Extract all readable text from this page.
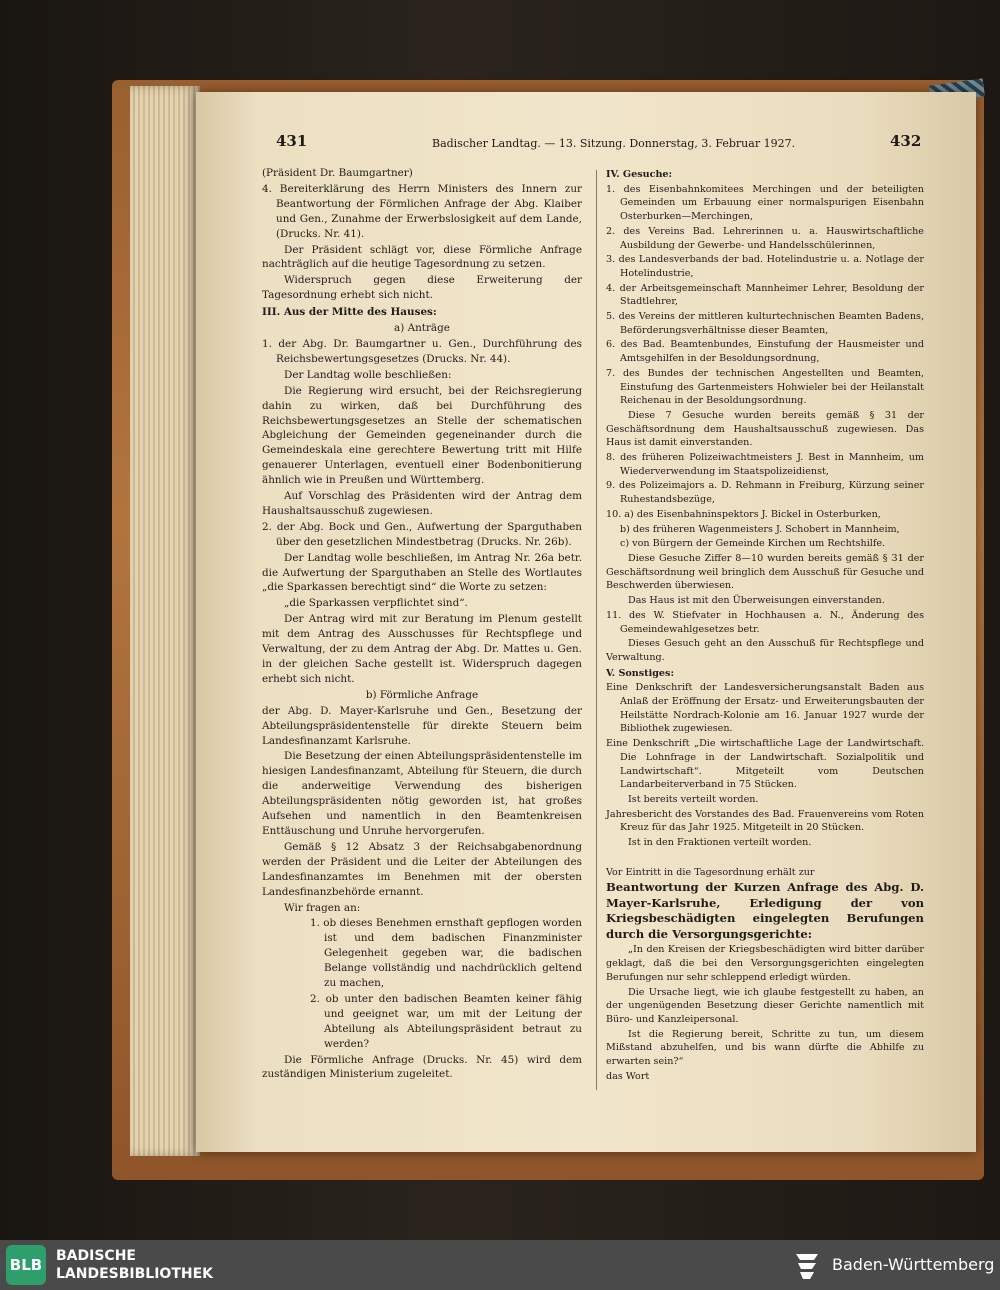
431	Badischer Landtag. — 13. Sitzung. Donnerstag, 3. Februar 1927.	432

(Präsident Dr. Baumgartner)

4. Bereiterklärung des Herrn Ministers des Innern zur Beantwortung der Förmlichen Anfrage der Abg. Klaiber und Gen., Zunahme der Erwerbslosigkeit auf dem Lande, (Drucks. Nr. 41).

Der Präsident schlägt vor, diese Förmliche Anfrage nachträglich auf die heutige Tagesordnung zu setzen.

Widerspruch gegen diese Erweiterung der Tagesordnung erhebt sich nicht.

III. Aus der Mitte des Hauses:

a) Anträge

1. der Abg. Dr. Baumgartner u. Gen., Durchführung des Reichsbewertungsgesetzes (Drucks. Nr. 44).

Der Landtag wolle beschließen:

Die Regierung wird ersucht, bei der Reichsregierung dahin zu wirken, daß bei Durchführung des Reichsbewertungsgesetzes an Stelle der schematischen Abgleichung der Gemeinden gegeneinander durch die Gemeindeskala eine gerechtere Bewertung tritt mit Hilfe genauerer Unterlagen, eventuell einer Bodenbonitierung ähnlich wie in Preußen und Württemberg.

Auf Vorschlag des Präsidenten wird der Antrag dem Haushaltsausschuß zugewiesen.

2. der Abg. Bock und Gen., Aufwertung der Sparguthaben über den gesetzlichen Mindestbetrag (Drucks. Nr. 26b).

Der Landtag wolle beschließen, im Antrag Nr. 26a betr. die Aufwertung der Sparguthaben an Stelle des Wortlautes „die Sparkassen berechtigt sind“ die Worte zu setzen:

„die Sparkassen verpflichtet sind“.

Der Antrag wird mit zur Beratung im Plenum gestellt mit dem Antrag des Ausschusses für Rechtspflege und Verwaltung, der zu dem Antrag der Abg. Dr. Mattes u. Gen. in der gleichen Sache gestellt ist. Widerspruch dagegen erhebt sich nicht.

b) Förmliche Anfrage

der Abg. D. Mayer-Karlsruhe und Gen., Besetzung der Abteilungspräsidentenstelle für direkte Steuern beim Landesfinanzamt Karlsruhe.

Die Besetzung der einen Abteilungspräsidentenstelle im hiesigen Landesfinanzamt, Abteilung für Steuern, die durch die anderweitige Verwendung des bisherigen Abteilungspräsidenten nötig geworden ist, hat großes Aufsehen und namentlich in den Beamtenkreisen Enttäuschung und Unruhe hervorgerufen.

Gemäß § 12 Absatz 3 der Reichsabgabenordnung werden der Präsident und die Leiter der Abteilungen des Landesfinanzamtes im Benehmen mit der obersten Landesfinanzbehörde ernannt.

Wir fragen an:

1. ob dieses Benehmen ernsthaft gepflogen worden ist und dem badischen Finanzminister Gelegenheit gegeben war, die badischen Belange vollständig und nachdrücklich geltend zu machen,

2. ob unter den badischen Beamten keiner fähig und geeignet war, um mit der Leitung der Abteilung als Abteilungspräsident betraut zu werden?

Die Förmliche Anfrage (Drucks. Nr. 45) wird dem zuständigen Ministerium zugeleitet.

IV. Gesuche:

1. des Eisenbahnkomitees Merchingen und der beteiligten Gemeinden um Erbauung einer normalspurigen Eisenbahn Osterburken—Merchingen,

2. des Vereins Bad. Lehrerinnen u. a. Hauswirtschaftliche Ausbildung der Gewerbe- und Handelsschülerinnen,

3. des Landesverbands der bad. Hotelindustrie u. a. Notlage der Hotelindustrie,

4. der Arbeitsgemeinschaft Mannheimer Lehrer, Besoldung der Stadtlehrer,

5. des Vereins der mittleren kulturtechnischen Beamten Badens, Beförderungsverhältnisse dieser Beamten,

6. des Bad. Beamtenbundes, Einstufung der Hausmeister und Amtsgehilfen in der Besoldungsordnung,

7. des Bundes der technischen Angestellten und Beamten, Einstufung des Gartenmeisters Hohwieler bei der Heilanstalt Reichenau in der Besoldungsordnung.

Diese 7 Gesuche wurden bereits gemäß § 31 der Geschäftsordnung dem Haushaltsausschuß zugewiesen. Das Haus ist damit einverstanden.

8. des früheren Polizeiwachtmeisters J. Best in Mannheim, um Wiederverwendung im Staatspolizeidienst,

9. des Polizeimajors a. D. Rehmann in Freiburg, Kürzung seiner Ruhestandsbezüge,

10. a) des Eisenbahninspektors J. Bickel in Osterburken,

b) des früheren Wagenmeisters J. Schobert in Mannheim,

c) von Bürgern der Gemeinde Kirchen um Rechtshilfe.

Diese Gesuche Ziffer 8—10 wurden bereits gemäß § 31 der Geschäftsordnung weil bringlich dem Ausschuß für Gesuche und Beschwerden überwiesen.

Das Haus ist mit den Überweisungen einverstanden.

11. des W. Stiefvater in Hochhausen a. N., Änderung des Gemeindewahlgesetzes betr.

Dieses Gesuch geht an den Ausschuß für Rechtspflege und Verwaltung.

V. Sonstiges:

Eine Denkschrift der Landesversicherungsanstalt Baden aus Anlaß der Eröffnung der Ersatz- und Erweiterungsbauten der Heilstätte Nordrach-Kolonie am 16. Januar 1927 wurde der Bibliothek zugewiesen.

Eine Denkschrift „Die wirtschaftliche Lage der Landwirtschaft. Die Lohnfrage in der Landwirtschaft. Sozialpolitik und Landwirtschaft“. Mitgeteilt vom Deutschen Landarbeiterverband in 75 Stücken.

Ist bereits verteilt worden.

Jahresbericht des Vorstandes des Bad. Frauenvereins vom Roten Kreuz für das Jahr 1925. Mitgeteilt in 20 Stücken.

Ist in den Fraktionen verteilt worden.

Vor Eintritt in die Tagesordnung erhält zur

Beantwortung der Kurzen Anfrage des Abg. D. Mayer-Karlsruhe, Erledigung der von Kriegsbeschädigten eingelegten Berufungen durch die Versorgungsgerichte:

„In den Kreisen der Kriegsbeschädigten wird bitter darüber geklagt, daß die bei den Versorgungsgerichten eingelegten Berufungen nur sehr schleppend erledigt würden.

Die Ursache liegt, wie ich glaube festgestellt zu haben, an der ungenügenden Besetzung dieser Gerichte namentlich mit Büro- und Kanzleipersonal.

Ist die Regierung bereit, Schritte zu tun, um diesem Mißstand abzuhelfen, und bis wann dürfte die Abhilfe zu erwarten sein?“

das Wort

BLB BADISCHE
LANDESBIBLIOTHEK	Baden-Württemberg
